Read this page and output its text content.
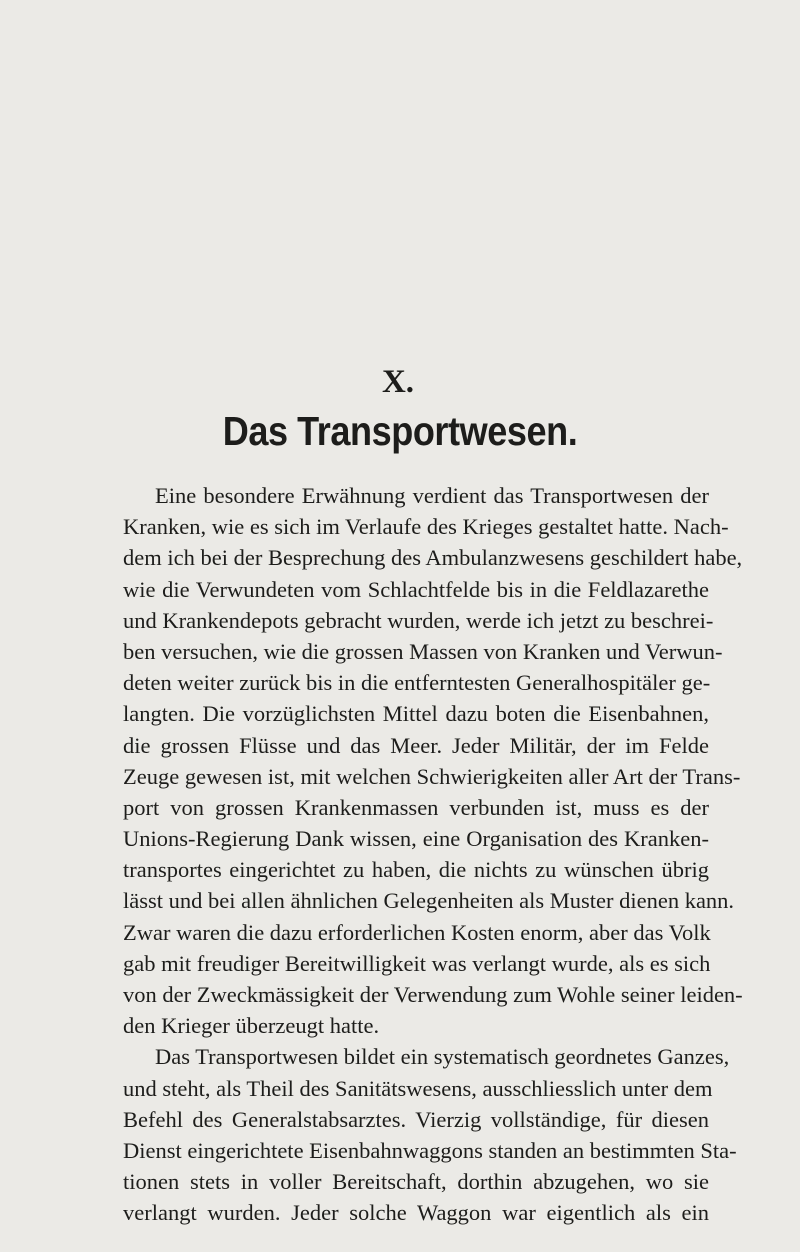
X.
Das Transportwesen.
Eine besondere Erwähnung verdient das Transportwesen der
Kranken, wie es sich im Verlaufe des Krieges gestaltet hatte. Nach-
dem ich bei der Besprechung des Ambulanzwesens geschildert habe,
wie die Verwundeten vom Schlachtfelde bis in die Feldlazarethe
und Krankendepots gebracht wurden, werde ich jetzt zu beschrei-
ben versuchen, wie die grossen Massen von Kranken und Verwun-
deten weiter zurück bis in die entferntesten Generalhospitäler ge-
langten. Die vorzüglichsten Mittel dazu boten die Eisenbahnen,
die grossen Flüsse und das Meer. Jeder Militär, der im Felde
Zeuge gewesen ist, mit welchen Schwierigkeiten aller Art der Trans-
port von grossen Krankenmassen verbunden ist, muss es der
Unions-Regierung Dank wissen, eine Organisation des Kranken-
transportes eingerichtet zu haben, die nichts zu wünschen übrig
lässt und bei allen ähnlichen Gelegenheiten als Muster dienen kann.
Zwar waren die dazu erforderlichen Kosten enorm, aber das Volk
gab mit freudiger Bereitwilligkeit was verlangt wurde, als es sich
von der Zweckmässigkeit der Verwendung zum Wohle seiner leiden-
den Krieger überzeugt hatte.
Das Transportwesen bildet ein systematisch geordnetes Ganzes,
und steht, als Theil des Sanitätswesens, ausschliesslich unter dem
Befehl des Generalstabsarztes. Vierzig vollständige, für diesen
Dienst eingerichtete Eisenbahnwaggons standen an bestimmten Sta-
tionen stets in voller Bereitschaft, dorthin abzugehen, wo sie
verlangt wurden. Jeder solche Waggon war eigentlich als ein
